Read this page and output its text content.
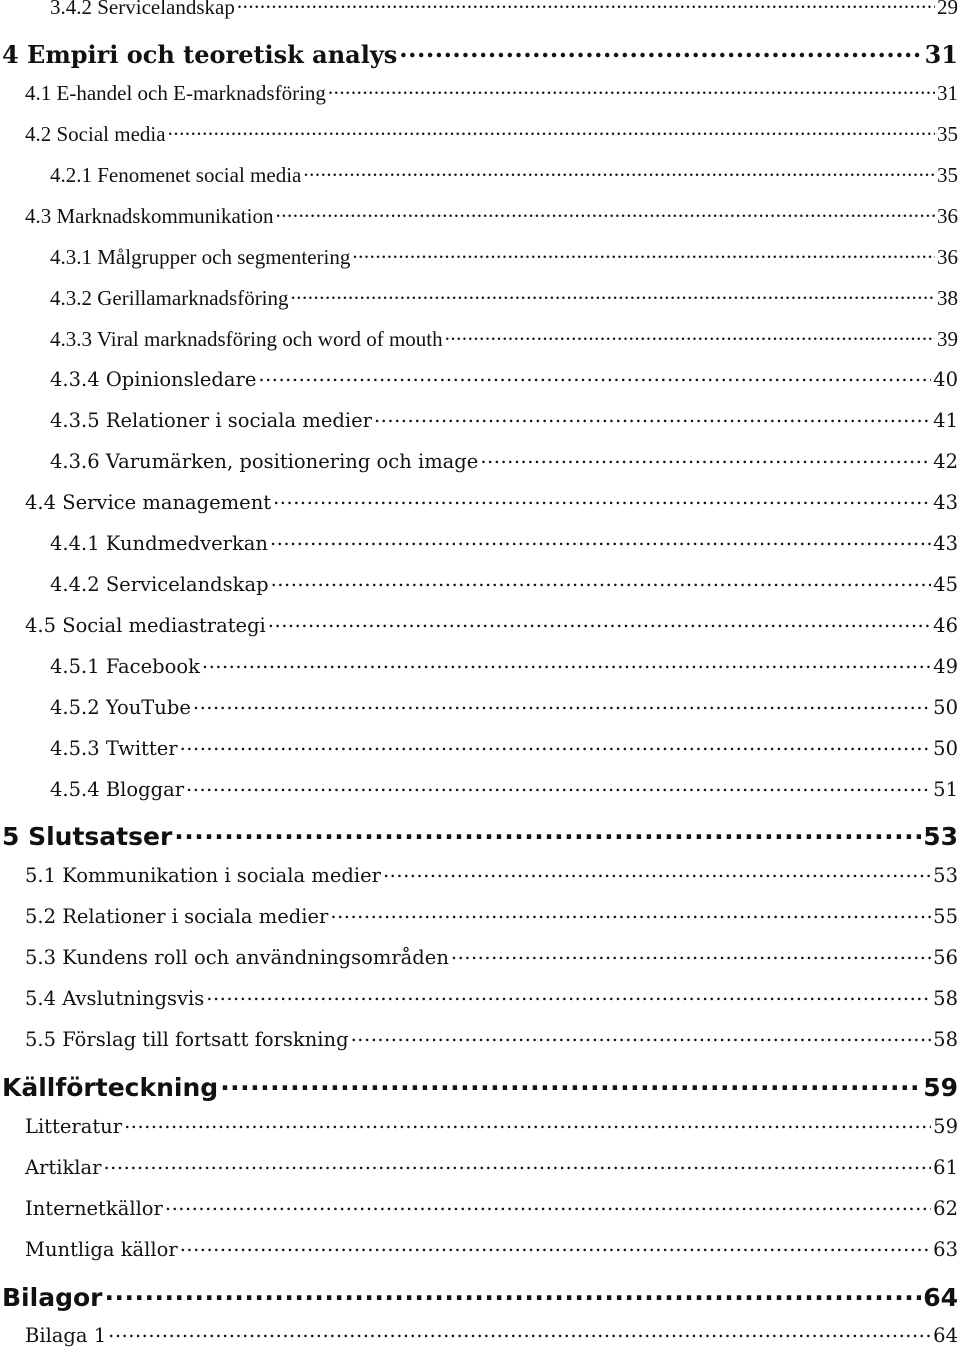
3.4.2 Servicelandskap .....	29
4 Empiri och teoretisk analys .....	31
4.1 E-handel och E-marknadsföring .....	31
4.2 Social media .....	35
4.2.1 Fenomenet social media .....	35
4.3 Marknadskommunikation .....	36
4.3.1 Målgrupper och segmentering .....	36
4.3.2 Gerillamarknadsföring .....	38
4.3.3 Viral marknadsföring och word of mouth .....	39
4.3.4 Opinionsledare .....	40
4.3.5 Relationer i sociala medier .....	41
4.3.6 Varumärken, positionering och image .....	42
4.4 Service management .....	43
4.4.1 Kundmedverkan .....	43
4.4.2 Servicelandskap .....	45
4.5 Social mediastrategi .....	46
4.5.1 Facebook .....	49
4.5.2 YouTube .....	50
4.5.3 Twitter .....	50
4.5.4 Bloggar .....	51
5 Slutsatser .....	53
5.1 Kommunikation i sociala medier .....	53
5.2 Relationer i sociala medier .....	55
5.3 Kundens roll och användningsområden .....	56
5.4 Avslutningsvis .....	58
5.5 Förslag till fortsatt forskning .....	58
Källförteckning .....	59
Litteratur .....	59
Artiklar .....	61
Internetkällor .....	62
Muntliga källor .....	63
Bilagor .....	64
Bilaga 1 .....	64
